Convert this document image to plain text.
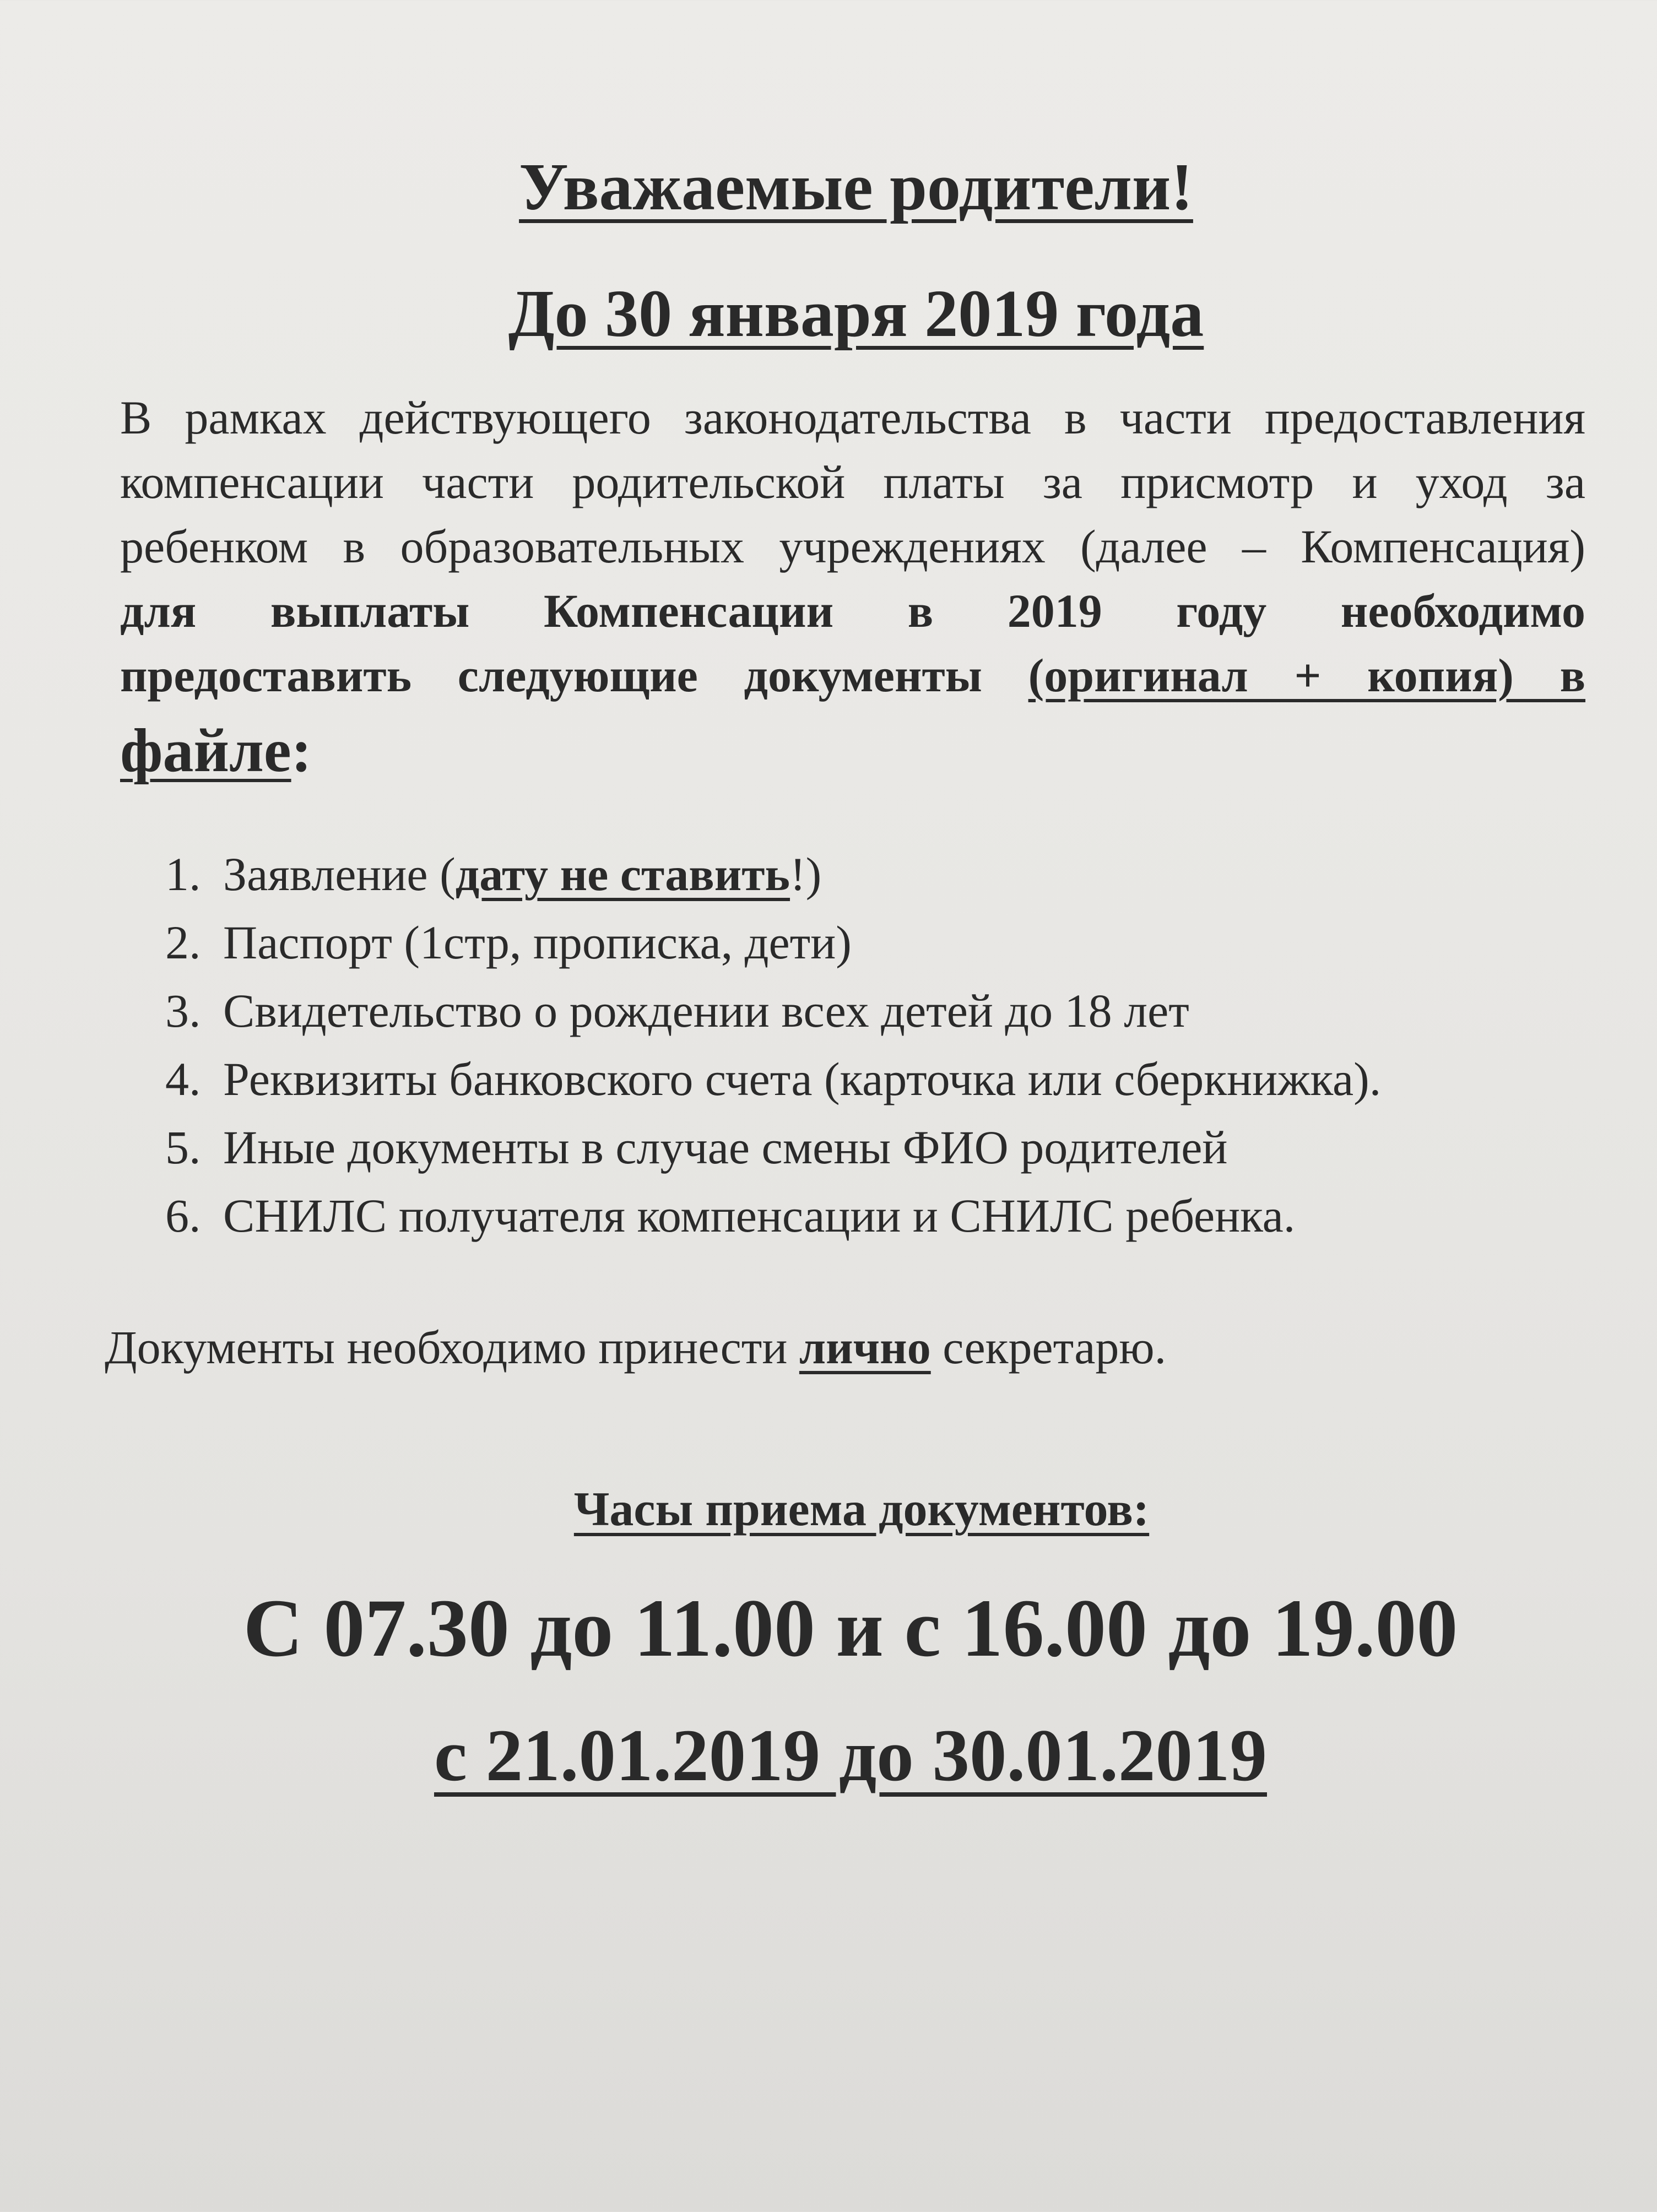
Уважаемые родители!
До 30 января 2019 года
В рамках действующего законодательства в части предоставления
компенсации части родительской платы за присмотр и уход за
ребенком в образовательных учреждениях (далее – Компенсация)
для выплаты Компенсации в 2019 году необходимо
предоставить следующие документы (оригинал + копия) в
файле:
1. Заявление (дату не ставить!)
2. Паспорт (1стр, прописка, дети)
3. Свидетельство о рождении всех детей до 18 лет
4. Реквизиты банковского счета (карточка или сберкнижка).
5. Иные документы в случае смены ФИО родителей
6. СНИЛС получателя компенсации и СНИЛС ребенка.

Документы необходимо принести лично секретарю.

Часы приема документов:
С 07.30 до 11.00 и с 16.00 до 19.00
с 21.01.2019 до 30.01.2019
